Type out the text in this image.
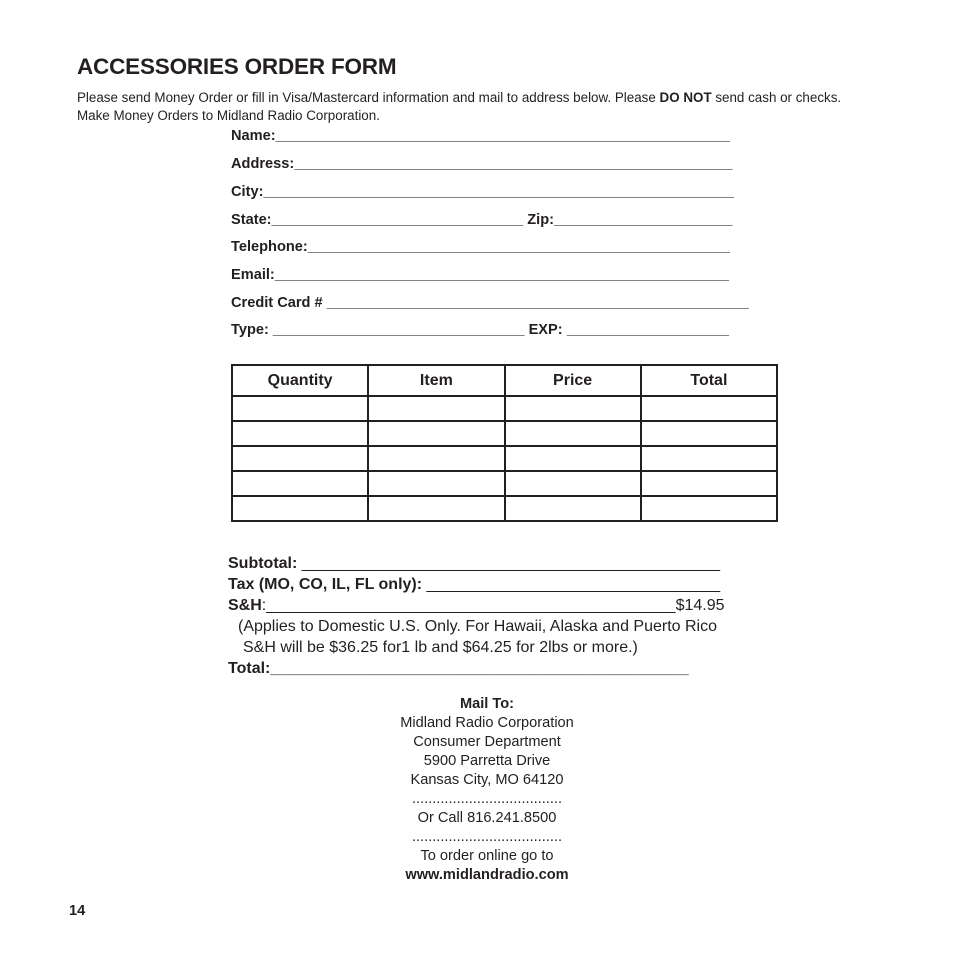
ACCESSORIES ORDER FORM
Please send Money Order or fill in Visa/Mastercard information and mail to address below. Please DO NOT send cash or checks.
Make Money Orders to Midland Radio Corporation.
Name:________________________________________________________
Address:______________________________________________________
City:__________________________________________________________
State:_______________________________ Zip:______________________
Telephone:____________________________________________________
Email:________________________________________________________
Credit Card # ____________________________________________________
Type: _______________________________ EXP: ____________________
Quantity	Item	Price	Total

Subtotal: _______________________________________________
Tax (MO, CO, IL, FL only): _________________________________
S&H:______________________________________________$14.95
(Applies to Domestic U.S. Only. For Hawaii, Alaska and Puerto Rico
S&H will be $36.25 for1 lb and $64.25 for 2lbs or more.)
Total:_______________________________________________
Mail To:
Midland Radio Corporation
Consumer Department
5900 Parretta Drive
Kansas City, MO 64120
.....................................
Or Call 816.241.8500
.....................................
To order online go to
www.midlandradio.com
14
